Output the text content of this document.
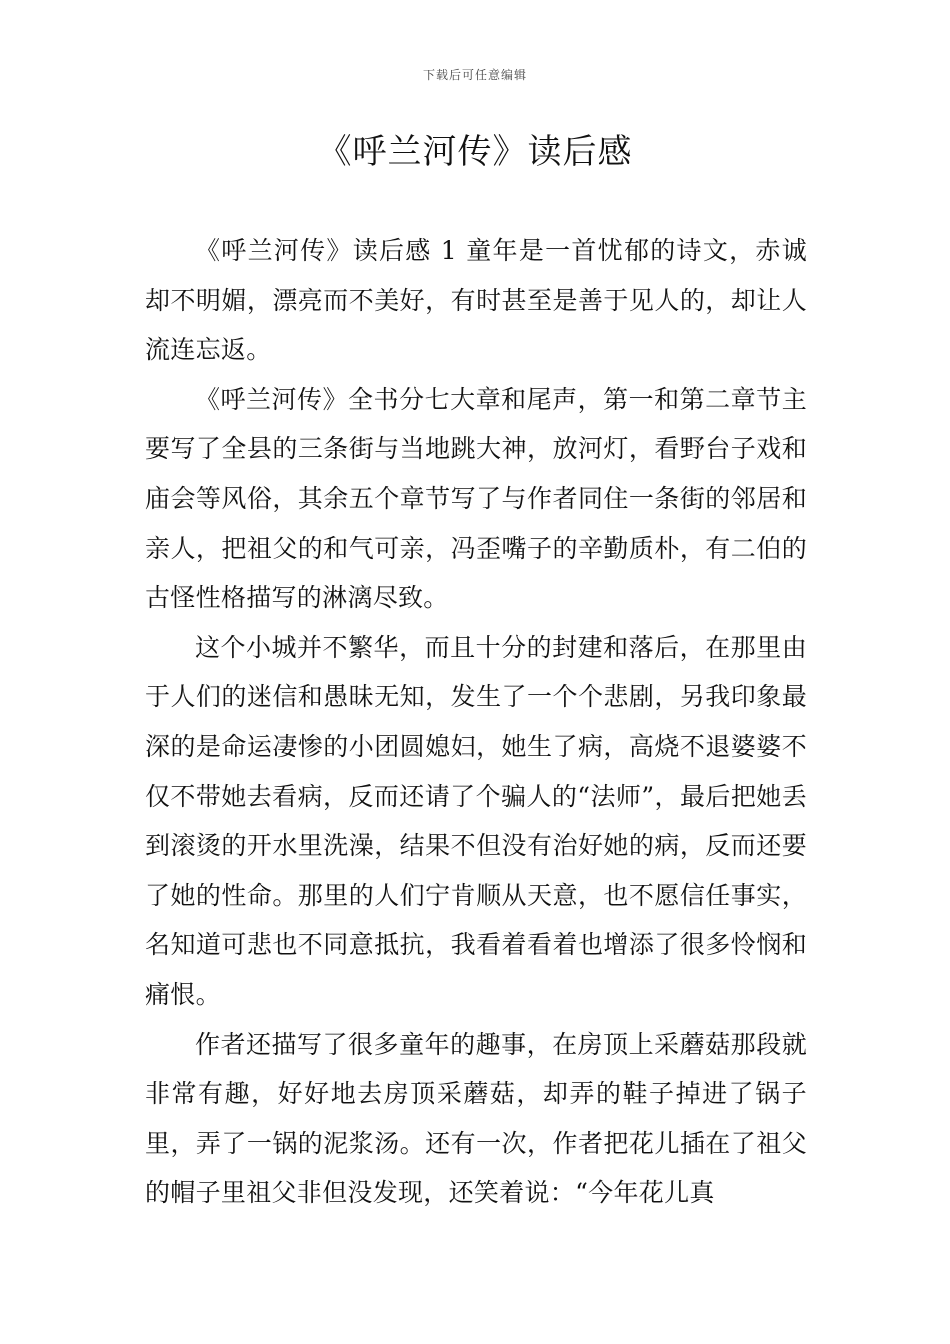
下载后可任意编辑
《呼兰河传》读后感

《呼兰河传》读后感 1 童年是一首忧郁的诗文，赤诚却不明媚，漂亮而不美好，有时甚至是善于见人的，却让人流连忘返。

《呼兰河传》全书分七大章和尾声，第一和第二章节主要写了全县的三条街与当地跳大神，放河灯，看野台子戏和庙会等风俗，其余五个章节写了与作者同住一条街的邻居和亲人，把祖父的和气可亲，冯歪嘴子的辛勤质朴，有二伯的古怪性格描写的淋漓尽致。

这个小城并不繁华，而且十分的封建和落后，在那里由于人们的迷信和愚昧无知，发生了一个个悲剧，另我印象最深的是命运凄惨的小团圆媳妇，她生了病，高烧不退婆婆不仅不带她去看病，反而还请了个骗人的“法师”，最后把她丢到滚烫的开水里洗澡，结果不但没有治好她的病，反而还要了她的性命。那里的人们宁肯顺从天意，也不愿信任事实，名知道可悲也不同意抵抗，我看着看着也增添了很多怜悯和痛恨。

作者还描写了很多童年的趣事，在房顶上采蘑菇那段就非常有趣，好好地去房顶采蘑菇，却弄的鞋子掉进了锅子里，弄了一锅的泥浆汤。还有一次，作者把花儿插在了祖父的帽子里祖父非但没发现，还笑着说：“今年花儿真
